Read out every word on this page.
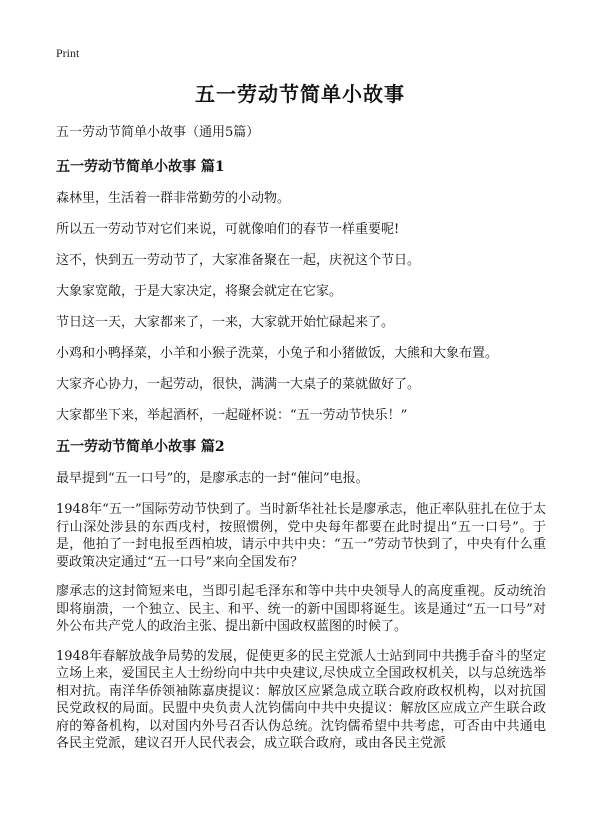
Print
五一劳动节简单小故事

五一劳动节简单小故事（通用5篇）

五一劳动节简单小故事 篇1

森林里，生活着一群非常勤劳的小动物。

所以五一劳动节对它们来说，可就像咱们的春节一样重要呢!

这不，快到五一劳动节了，大家准备聚在一起，庆祝这个节日。

大象家宽敞，于是大家决定，将聚会就定在它家。

节日这一天，大家都来了，一来，大家就开始忙碌起来了。

小鸡和小鸭择菜，小羊和小猴子洗菜，小兔子和小猪做饭，大熊和大象布置。

大家齐心协力，一起劳动，很快，满满一大桌子的菜就做好了。

大家都坐下来，举起酒杯，一起碰杯说：“五一劳动节快乐！”

五一劳动节简单小故事 篇2

最早提到“五一口号”的，是廖承志的一封“催问”电报。

1948年“五一”国际劳动节快到了。当时新华社社长是廖承志，他正率队驻扎在位于太行山深处涉县的东西戌村，按照惯例，党中央每年都要在此时提出“五一口号”。于是，他拍了一封电报至西柏坡，请示中共中央：“五一”劳动节快到了，中央有什么重要政策决定通过“五一口号”来向全国发布？

廖承志的这封简短来电，当即引起毛泽东和等中共中央领导人的高度重视。反动统治即将崩溃，一个独立、民主、和平、统一的新中国即将诞生。该是通过“五一口号”对外公布共产党人的政治主张、提出新中国政权蓝图的时候了。

1948年春解放战争局势的发展，促使更多的民主党派人士站到同中共携手奋斗的坚定立场上来，爱国民主人士纷纷向中共中央建议,尽快成立全国政权机关，以与总统选举相对抗。南洋华侨领袖陈嘉庚提议：解放区应紧急成立联合政府政权机构，以对抗国民党政权的局面。民盟中央负责人沈钧儒向中共中央提议：解放区应成立产生联合政府的筹备机构，以对国内外号召否认伪总统。沈钧儒希望中共考虑，可否由中共通电各民主党派，建议召开人民代表会，成立联合政府，或由各民主党派
